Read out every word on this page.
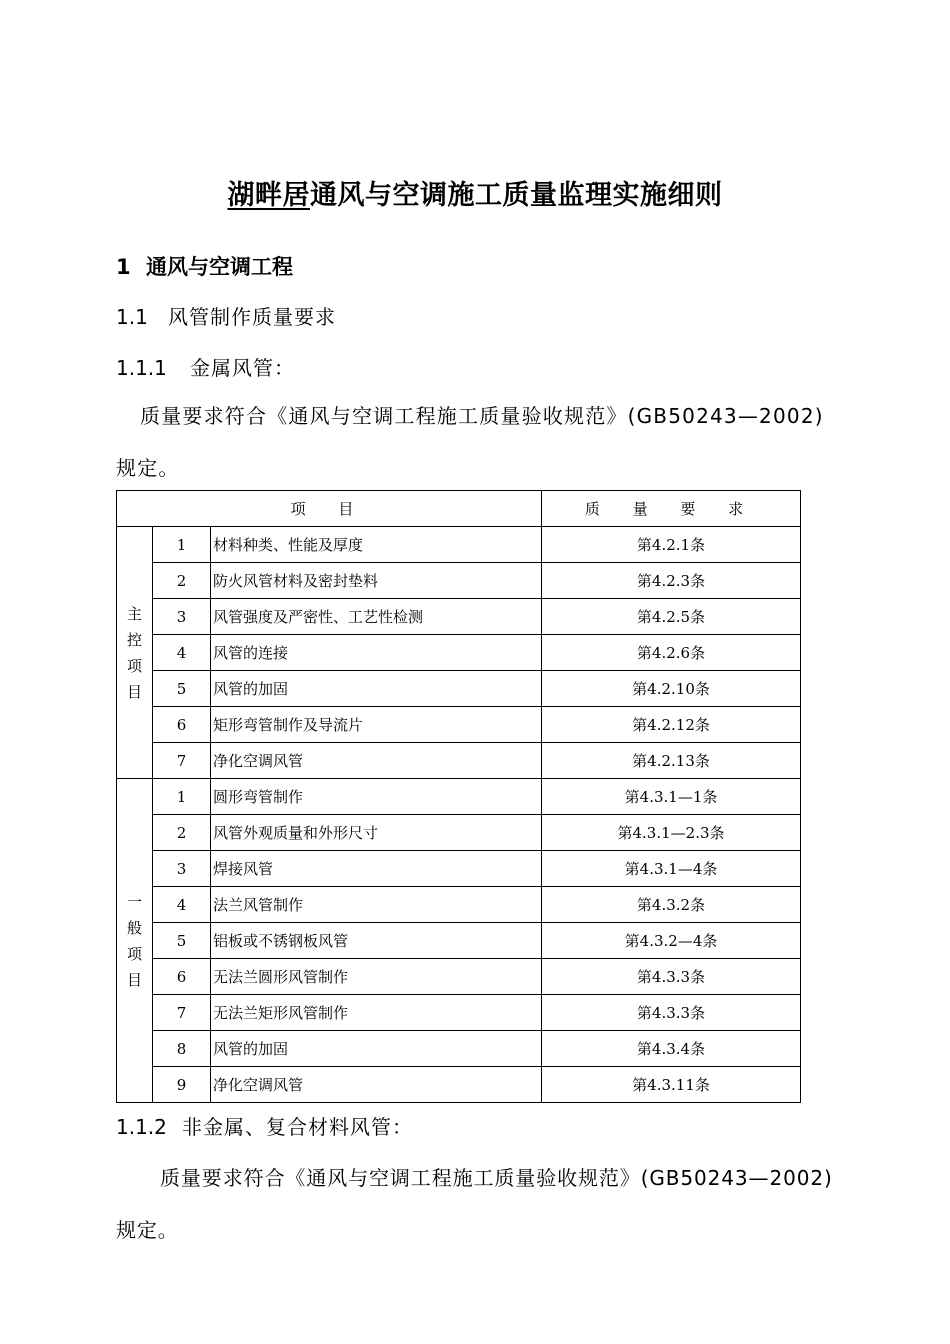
湖畔居通风与空调施工质量监理实施细则
1 通风与空调工程
1.1 风管制作质量要求
1.1.1 金属风管：
质量要求符合《通风与空调工程施工质量验收规范》(GB50243—2002)规定。
项 目			质 量 要 求
主控项目	1	材料种类、性能及厚度	第4.2.1条
	2	防火风管材料及密封垫料	第4.2.3条
	3	风管强度及严密性、工艺性检测	第4.2.5条
	4	风管的连接	第4.2.6条
	5	风管的加固	第4.2.10条
	6	矩形弯管制作及导流片	第4.2.12条
	7	净化空调风管	第4.2.13条
一般项目	1	圆形弯管制作	第4.3.1—1条
	2	风管外观质量和外形尺寸	第4.3.1—2.3条
	3	焊接风管	第4.3.1—4条
	4	法兰风管制作	第4.3.2条
	5	铝板或不锈钢板风管	第4.3.2—4条
	6	无法兰圆形风管制作	第4.3.3条
	7	无法兰矩形风管制作	第4.3.3条
	8	风管的加固	第4.3.4条
	9	净化空调风管	第4.3.11条
1.1.2 非金属、复合材料风管：
质量要求符合《通风与空调工程施工质量验收规范》(GB50243—2002)规定。
